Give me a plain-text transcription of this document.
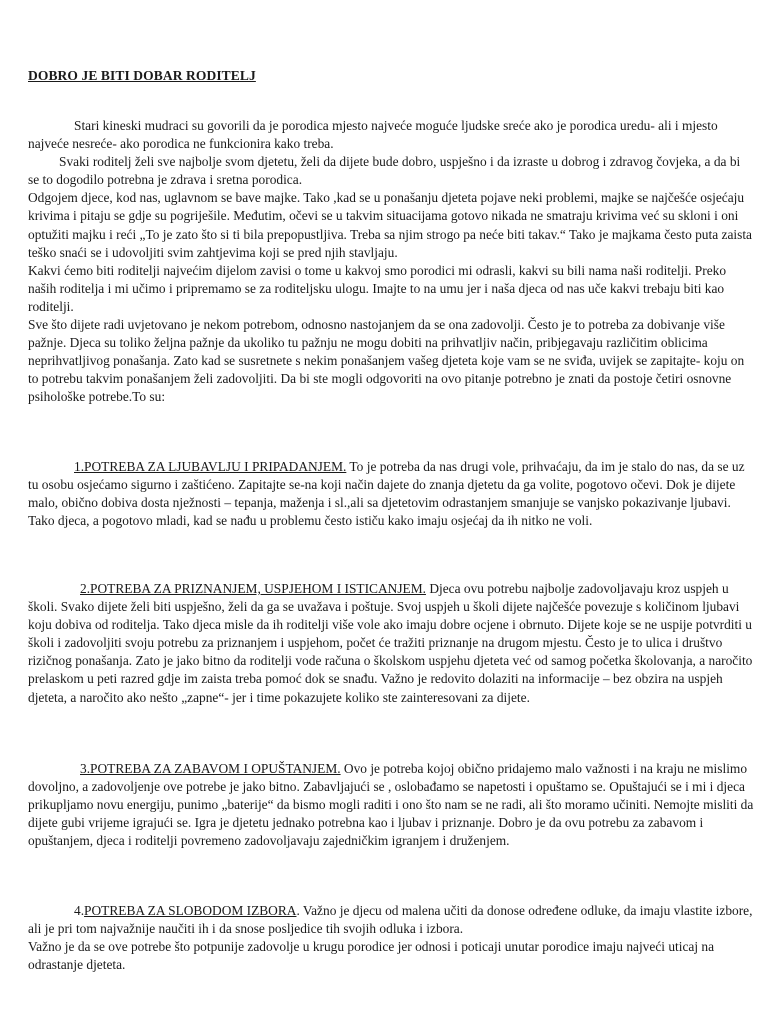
DOBRO JE BITI DOBAR RODITELJ

Stari kineski mudraci su govorili da je porodica mjesto najveće moguće ljudske sreće ako je porodica uredu- ali i mjesto najveće nesreće- ako porodica ne funkcionira kako treba.

Svaki roditelj želi sve najbolje svom djetetu, želi da dijete bude dobro, uspješno i da izraste u dobrog i zdravog čovjeka, a da bi se to dogodilo potrebna je zdrava i sretna porodica.

Odgojem djece, kod nas, uglavnom se bave majke. Tako ,kad se u ponašanju djeteta pojave neki problemi, majke se najčešće osjećaju krivima i pitaju se gdje su pogriješile. Međutim, očevi se u takvim situacijama gotovo nikada ne smatraju krivima već su skloni i oni optužiti majku i reći „To je zato što si ti bila prepopustljiva. Treba sa njim strogo pa neće biti takav.“ Tako je majkama često puta zaista teško snaći se i udovoljiti svim zahtjevima koji se pred njih stavljaju.

Kakvi ćemo biti roditelji najvećim dijelom zavisi o tome u kakvoj smo porodici mi odrasli, kakvi su bili nama naši roditelji. Preko naših roditelja i mi učimo i pripremamo se za roditeljsku ulogu. Imajte to na umu jer i naša djeca od nas uče kakvi trebaju biti kao roditelji.

Sve što dijete radi uvjetovano je nekom potrebom, odnosno nastojanjem da se ona zadovolji. Često je to potreba za dobivanje više pažnje. Djeca su toliko željna pažnje da ukoliko tu pažnju ne mogu dobiti na prihvatljiv način, pribjegavaju različitim oblicima neprihvatljivog ponašanja. Zato kad se susretnete s nekim ponašanjem vašeg djeteta koje vam se ne sviđa, uvijek se zapitajte- koju on to potrebu takvim ponašanjem želi zadovoljiti. Da bi ste mogli odgovoriti na ovo pitanje potrebno je znati da postoje četiri osnovne psihološke potrebe.To su:

1.POTREBA ZA LJUBAVLJU I PRIPADANJEM. To je potreba da nas drugi vole, prihvaćaju, da im je stalo do nas, da se uz tu osobu osjećamo sigurno i zaštićeno. Zapitajte se-na koji način dajete do znanja djetetu da ga volite, pogotovo očevi. Dok je dijete malo, obično dobiva dosta nježnosti – tepanja, maženja i sl.,ali sa djetetovim odrastanjem smanjuje se vanjsko pokazivanje ljubavi. Tako djeca, a pogotovo mladi, kad se nađu u problemu često ističu kako imaju osjećaj da ih nitko ne voli.

2.POTREBA ZA PRIZNANJEM, USPJEHOM I ISTICANJEM. Djeca ovu potrebu najbolje zadovoljavaju kroz uspjeh u školi. Svako dijete želi biti uspješno, želi da ga se uvažava i poštuje. Svoj uspjeh u školi dijete najčešće povezuje s količinom ljubavi koju dobiva od roditelja. Tako djeca misle da ih roditelji više vole ako imaju dobre ocjene i obrnuto. Dijete koje se ne uspije potvrditi u školi i zadovoljiti svoju potrebu za priznanjem i uspjehom, počet će tražiti priznanje na drugom mjestu. Često je to ulica i društvo rizičnog ponašanja. Zato je jako bitno da roditelji vode računa o školskom uspjehu djeteta već od samog početka školovanja, a naročito prelaskom u peti razred gdje im zaista treba pomoć dok se snađu. Važno je redovito dolaziti na informacije – bez obzira na uspjeh djeteta, a naročito ako nešto „zapne“- jer i time pokazujete koliko ste zainteresovani za dijete.

3.POTREBA ZA ZABAVOM I OPUŠTANJEM. Ovo je potreba kojoj obično pridajemo malo važnosti i na kraju ne mislimo dovoljno, a zadovoljenje ove potrebe je jako bitno. Zabavljajući se , oslobađamo se napetosti i opuštamo se. Opuštajući se i mi i djeca prikupljamo novu energiju, punimo „baterije“ da bismo mogli raditi i ono što nam se ne radi, ali što moramo učiniti. Nemojte misliti da dijete gubi vrijeme igrajući se. Igra je djetetu jednako potrebna kao i ljubav i priznanje. Dobro je da ovu potrebu za zabavom i opuštanjem, djeca i roditelji povremeno zadovoljavaju zajedničkim igranjem i druženjem.

4.POTREBA ZA SLOBODOM IZBORA. Važno je djecu od malena učiti da donose određene odluke, da imaju vlastite izbore, ali je pri tom najvažnije naučiti ih i da snose posljedice tih svojih odluka i izbora.

Važno je da se ove potrebe što potpunije zadovolje u krugu porodice jer odnosi i poticaji unutar porodice imaju najveći uticaj na odrastanje djeteta.
